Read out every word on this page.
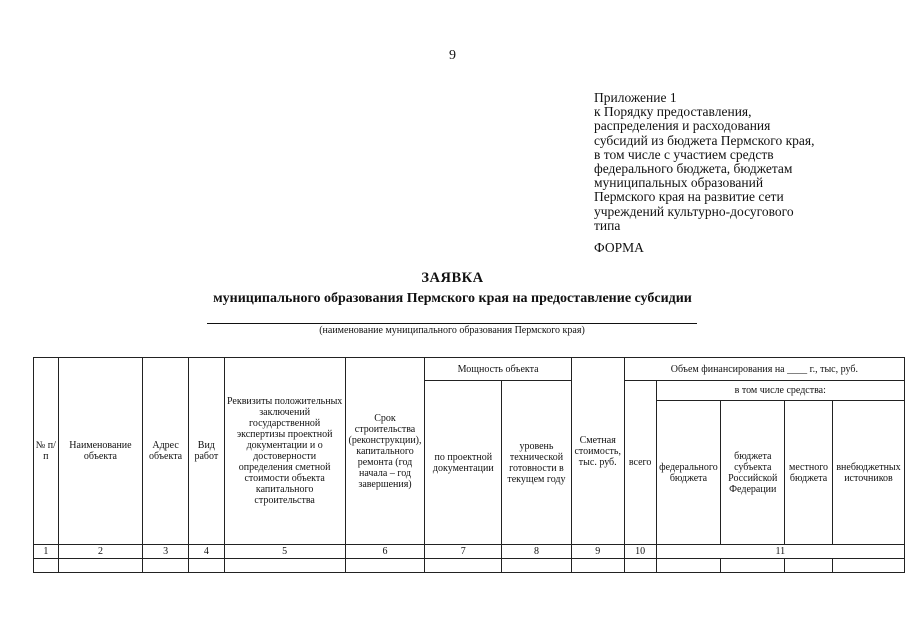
9
Приложение 1
к Порядку предоставления,
распределения и расходования
субсидий из бюджета Пермского края,
в том числе с участием средств
федерального бюджета, бюджетам
муниципальных образований
Пермского края на развитие сети
учреждений культурно-досугового
типа
ФОРМА
ЗАЯВКА
муниципального образования Пермского края на предоставление субсидии
(наименование муниципального образования Пермского края)
№ п/п	Наименование объекта	Адрес объекта	Вид работ	Реквизиты положительных заключений государственной экспертизы проектной документации и о достоверности определения сметной стоимости объекта капитального строительства	Срок строительства (реконструкции), капитального ремонта (год начала – год завершения)	Мощность объекта		Сметная стоимость, тыс. руб.	Объем финансирования на ____ г., тыс, руб.				
						по проектной документации	уровень технической готовности в текущем году		всего	в том числе средства:			
										федерального бюджета	бюджета субъекта Российской Федерации	местного бюджета	внебюджетных источников
1	2	3	4	5	6	7	8	9	10	11			
